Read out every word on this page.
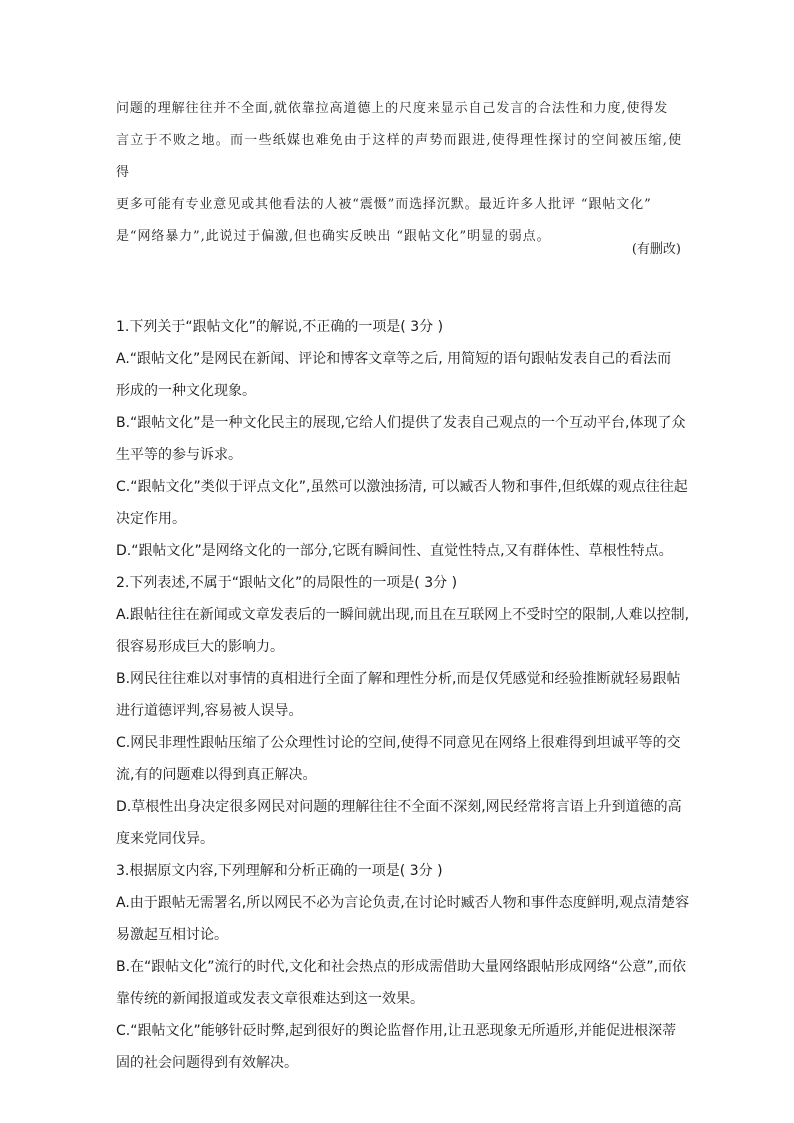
问题的理解往往并不全面,就依靠拉高道德上的尺度来显示自己发言的合法性和力度,使得发

言立于不败之地。而一些纸媒也难免由于这样的声势而跟进,使得理性探讨的空间被压缩,使得

更多可能有专业意见或其他看法的人被“震慑”而选择沉默。最近许多人批评 “跟帖文化”

是“网络暴力”,此说过于偏激,但也确实反映出 “跟帖文化”明显的弱点。

(有删改)

1.下列关于“跟帖文化”的解说,不正确的一项是( 3分 )

A.“跟帖文化”是网民在新闻、评论和博客文章等之后, 用简短的语句跟帖发表自己的看法而

形成的一种文化现象。

B.“跟帖文化”是一种文化民主的展现,它给人们提供了发表自己观点的一个互动平台,体现了众

生平等的参与诉求。

C.“跟帖文化”类似于评点文化”,虽然可以激浊扬清, 可以臧否人物和事件,但纸媒的观点往往起

决定作用。

D.“跟帖文化”是网络文化的一部分,它既有瞬间性、直觉性特点,又有群体性、草根性特点。

2.下列表述,不属于“跟帖文化”的局限性的一项是( 3分 )

A.跟帖往往在新闻或文章发表后的一瞬间就出现,而且在互联网上不受时空的限制,人难以控制,

很容易形成巨大的影响力。

B.网民往往难以对事情的真相进行全面了解和理性分析,而是仅凭感觉和经验推断就轻易跟帖

进行道德评判,容易被人误导。

C.网民非理性跟帖压缩了公众理性讨论的空间,使得不同意见在网络上很难得到坦诚平等的交

流,有的问题难以得到真正解决。

D.草根性出身决定很多网民对问题的理解往往不全面不深刻,网民经常将言语上升到道德的高

度来党同伐异。

3.根据原文内容,下列理解和分析正确的一项是( 3分 )

A.由于跟帖无需署名,所以网民不必为言论负责,在讨论时臧否人物和事件态度鲜明,观点清楚容

易激起互相讨论。

B.在“跟帖文化”流行的时代,文化和社会热点的形成需借助大量网络跟帖形成网络“公意”,而依

靠传统的新闻报道或发表文章很难达到这一效果。

C.“跟帖文化”能够针砭时弊,起到很好的舆论监督作用,让丑恶现象无所遁形,并能促进根深蒂

固的社会问题得到有效解决。
